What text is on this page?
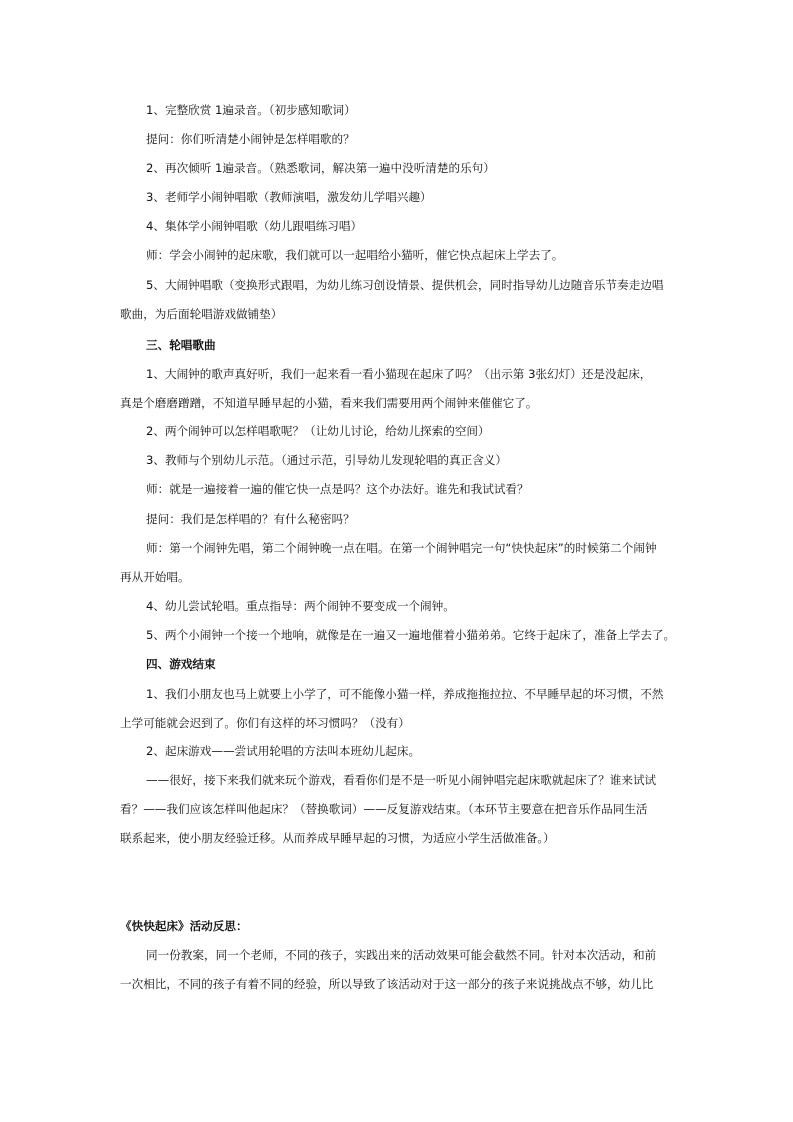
1、完整欣赏 1遍录音。（初步感知歌词）
提问：你们听清楚小闹钟是怎样唱歌的？
2、再次倾听 1遍录音。（熟悉歌词，解决第一遍中没听清楚的乐句）
3、老师学小闹钟唱歌（教师演唱，激发幼儿学唱兴趣）
4、集体学小闹钟唱歌（幼儿跟唱练习唱）
师：学会小闹钟的起床歌，我们就可以一起唱给小猫听，催它快点起床上学去了。
5、大闹钟唱歌（变换形式跟唱，为幼儿练习创设情景、提供机会，同时指导幼儿边随音乐节奏走边唱
歌曲，为后面轮唱游戏做铺垫）
三、轮唱歌曲
1、大闹钟的歌声真好听，我们一起来看一看小猫现在起床了吗？（出示第 3张幻灯）还是没起床，
真是个磨磨蹭蹭，不知道早睡早起的小猫，看来我们需要用两个闹钟来催催它了。
2、两个闹钟可以怎样唱歌呢？（让幼儿讨论，给幼儿探索的空间）
3、教师与个别幼儿示范。（通过示范，引导幼儿发现轮唱的真正含义）
师：就是一遍接着一遍的催它快一点是吗？这个办法好。谁先和我试试看？
提问：我们是怎样唱的？有什么秘密吗？
师：第一个闹钟先唱，第二个闹钟晚一点在唱。在第一个闹钟唱完一句“快快起床”的时候第二个闹钟
再从开始唱。
4、幼儿尝试轮唱。重点指导：两个闹钟不要变成一个闹钟。
5、两个小闹钟一个接一个地响，就像是在一遍又一遍地催着小猫弟弟。它终于起床了，准备上学去了。
四、游戏结束
1、我们小朋友也马上就要上小学了，可不能像小猫一样，养成拖拖拉拉、不早睡早起的坏习惯，不然
上学可能就会迟到了。你们有这样的坏习惯吗？（没有）
2、起床游戏——尝试用轮唱的方法叫本班幼儿起床。
——很好，接下来我们就来玩个游戏，看看你们是不是一听见小闹钟唱完起床歌就起床了？谁来试试
看？——我们应该怎样叫他起床？（替换歌词）——反复游戏结束。（本环节主要意在把音乐作品同生活
联系起来，使小朋友经验迁移。从而养成早睡早起的习惯，为适应小学生活做准备。）
《快快起床》活动反思：
同一份教案，同一个老师，不同的孩子，实践出来的活动效果可能会截然不同。针对本次活动，和前
一次相比，不同的孩子有着不同的经验，所以导致了该活动对于这一部分的孩子来说挑战点不够，幼儿比
